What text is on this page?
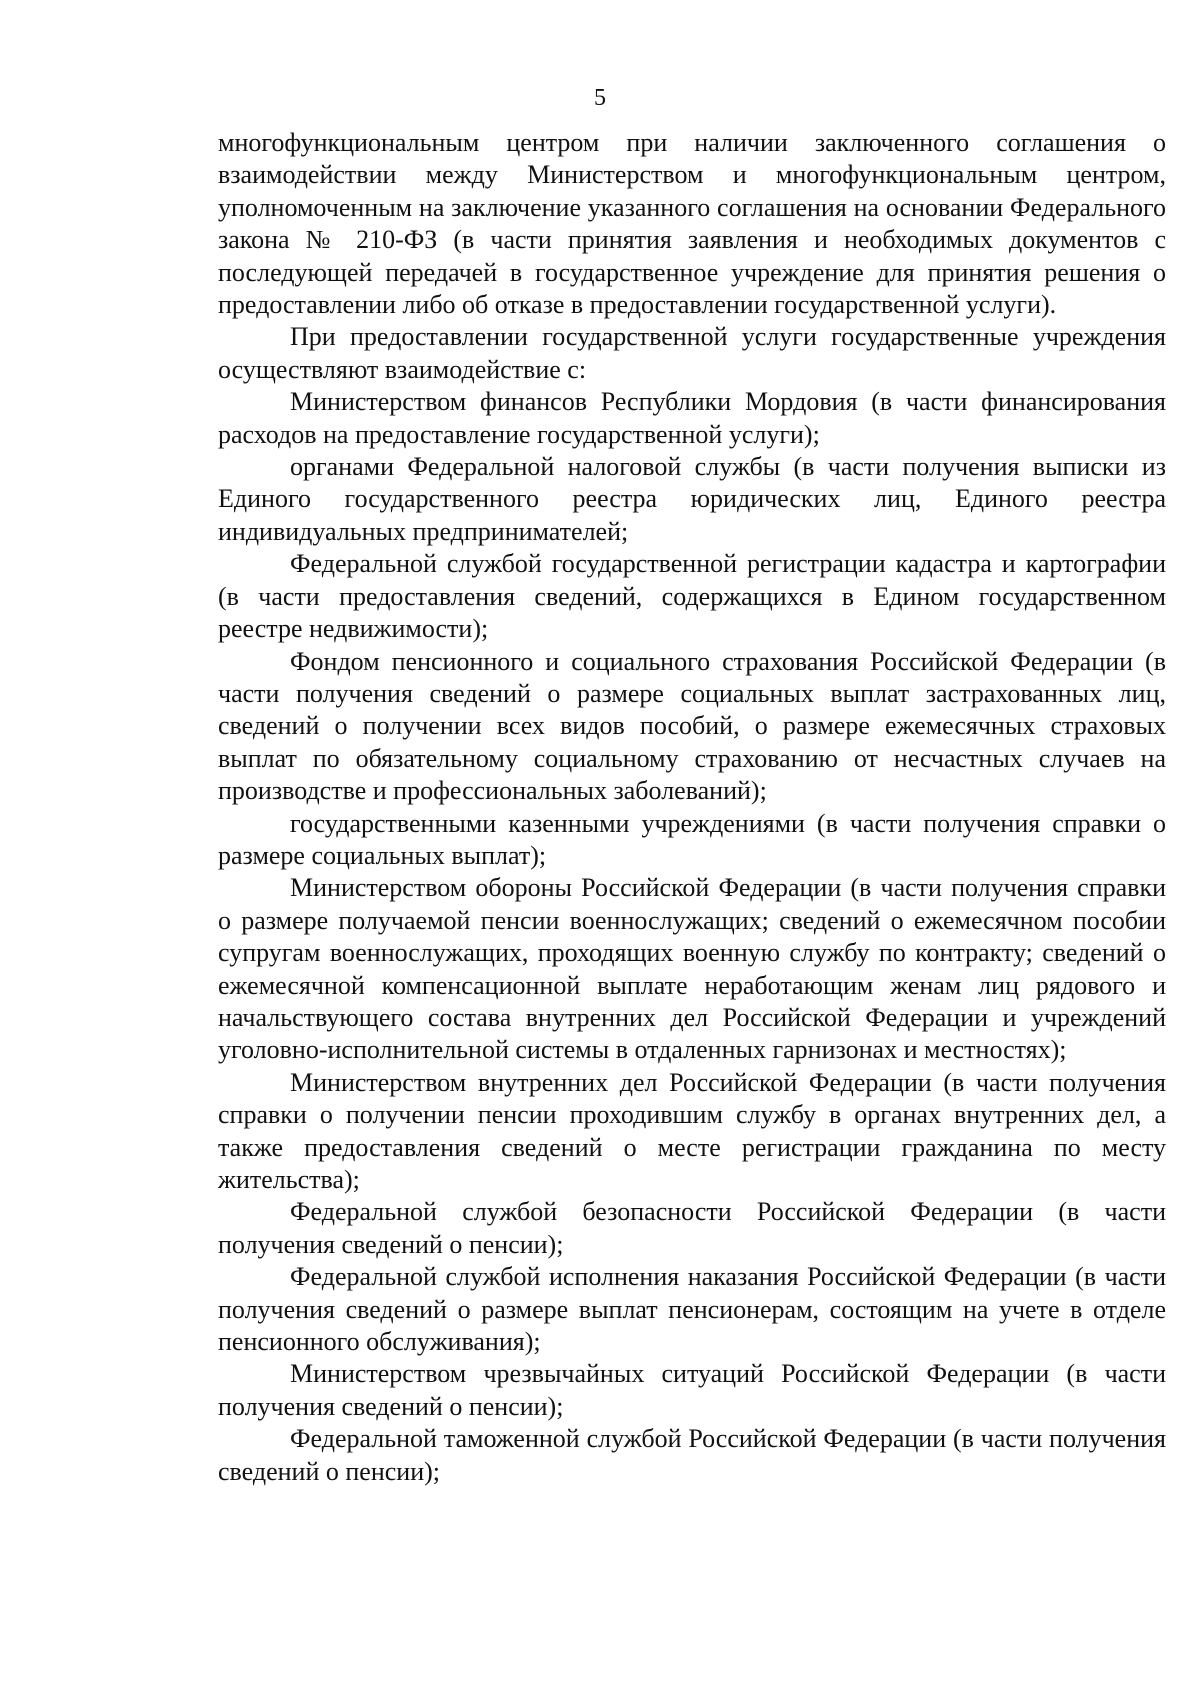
5

многофункциональным центром при наличии заключенного соглашения о взаимодействии между Министерством и многофункциональным центром, уполномоченным на заключение указанного соглашения на основании Федерального закона № 210-ФЗ (в части принятия заявления и необходимых документов с последующей передачей в государственное учреждение для принятия решения о предоставлении либо об отказе в предоставлении государственной услуги).

При предоставлении государственной услуги государственные учреждения осуществляют взаимодействие с:

Министерством финансов Республики Мордовия (в части финансирования расходов на предоставление государственной услуги);

органами Федеральной налоговой службы (в части получения выписки из Единого государственного реестра юридических лиц, Единого реестра индивидуальных предпринимателей;

Федеральной службой государственной регистрации кадастра и картографии (в части предоставления сведений, содержащихся в Едином государственном реестре недвижимости);

Фондом пенсионного и социального страхования Российской Федерации (в части получения сведений о размере социальных выплат застрахованных лиц, сведений о получении всех видов пособий, о размере ежемесячных страховых выплат по обязательному социальному страхованию от несчастных случаев на производстве и профессиональных заболеваний);

государственными казенными учреждениями (в части получения справки о размере социальных выплат);

Министерством обороны Российской Федерации (в части получения справки о размере получаемой пенсии военнослужащих; сведений о ежемесячном пособии супругам военнослужащих, проходящих военную службу по контракту; сведений о ежемесячной компенсационной выплате неработающим женам лиц рядового и начальствующего состава внутренних дел Российской Федерации и учреждений уголовно-исполнительной системы в отдаленных гарнизонах и местностях);

Министерством внутренних дел Российской Федерации (в части получения справки о получении пенсии проходившим службу в органах внутренних дел, а также предоставления сведений о месте регистрации гражданина по месту жительства);

Федеральной службой безопасности Российской Федерации (в части получения сведений о пенсии);

Федеральной службой исполнения наказания Российской Федерации (в части получения сведений о размере выплат пенсионерам, состоящим на учете в отделе пенсионного обслуживания);

Министерством чрезвычайных ситуаций Российской Федерации (в части получения сведений о пенсии);

Федеральной таможенной службой Российской Федерации (в части получения сведений о пенсии);
